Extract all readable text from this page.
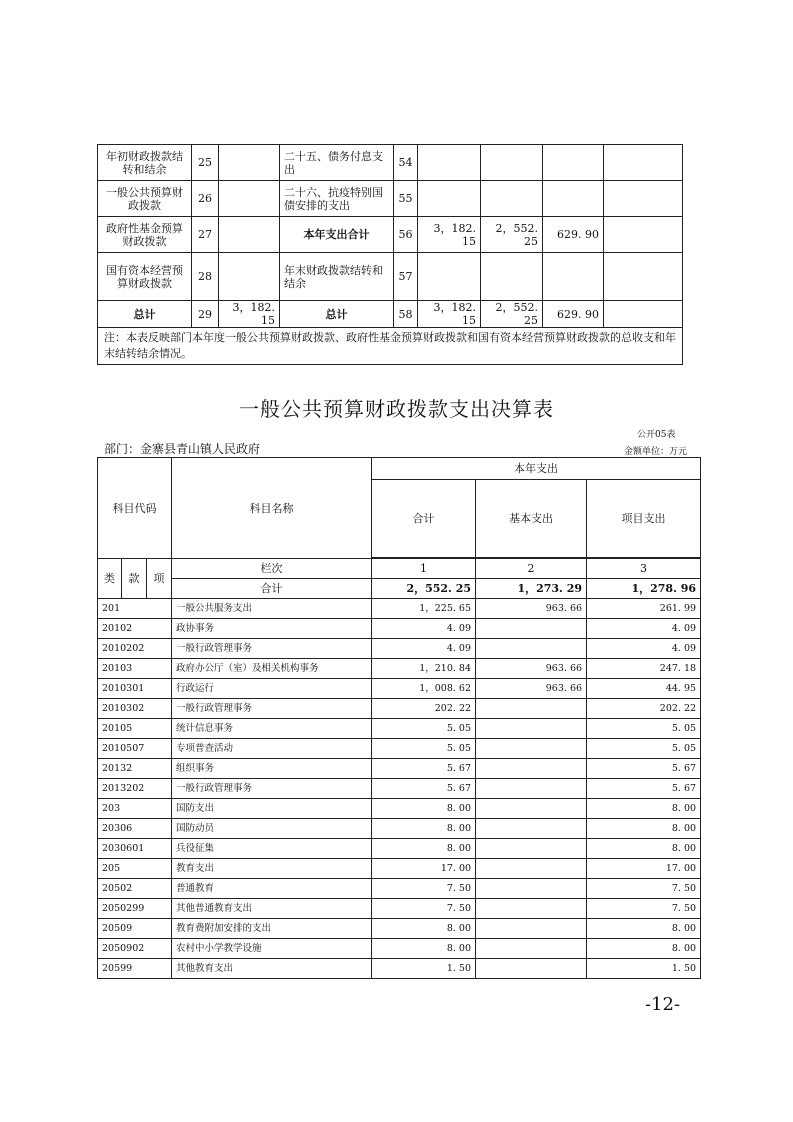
年初财政拨款结转和结余	25		二十五、债务付息支出	54				
一般公共预算财政拨款	26		二十六、抗疫特别国债安排的支出	55				
政府性基金预算财政拨款	27		本年支出合计	56	3，182. 15	2，552. 25	629. 90	
国有资本经营预算财政拨款	28		年末财政拨款结转和结余	57				
总计	29	3，182. 15	总计	58	3，182. 15	2，552. 25	629. 90	
注：本表反映部门本年度一般公共预算财政拨款、政府性基金预算财政拨款和国有资本经营预算财政拨款的总收支和年末结转结余情况。								
一般公共预算财政拨款支出决算表
公开05表
部门：金寨县青山镇人民政府	金额单位：万元
科目代码			科目名称	本年支出		
				合计	基本支出	项目支出

类	款	项	栏次	1	2	3
			合计	2，552. 25	1，273. 29	1，278. 96
201			一般公共服务支出	1，225. 65	963. 66	261. 99
20102			政协事务	4. 09		4. 09
2010202			一般行政管理事务	4. 09		4. 09
20103			政府办公厅（室）及相关机构事务	1，210. 84	963. 66	247. 18
2010301			行政运行	1，008. 62	963. 66	44. 95
2010302			一般行政管理事务	202. 22		202. 22
20105			统计信息事务	5. 05		5. 05
2010507			专项普查活动	5. 05		5. 05
20132			组织事务	5. 67		5. 67
2013202			一般行政管理事务	5. 67		5. 67
203			国防支出	8. 00		8. 00
20306			国防动员	8. 00		8. 00
2030601			兵役征集	8. 00		8. 00
205			教育支出	17. 00		17. 00
20502			普通教育	7. 50		7. 50
2050299			其他普通教育支出	7. 50		7. 50
20509			教育费附加安排的支出	8. 00		8. 00
2050902			农村中小学教学设施	8. 00		8. 00
20599			其他教育支出	1. 50		1. 50
-12-
